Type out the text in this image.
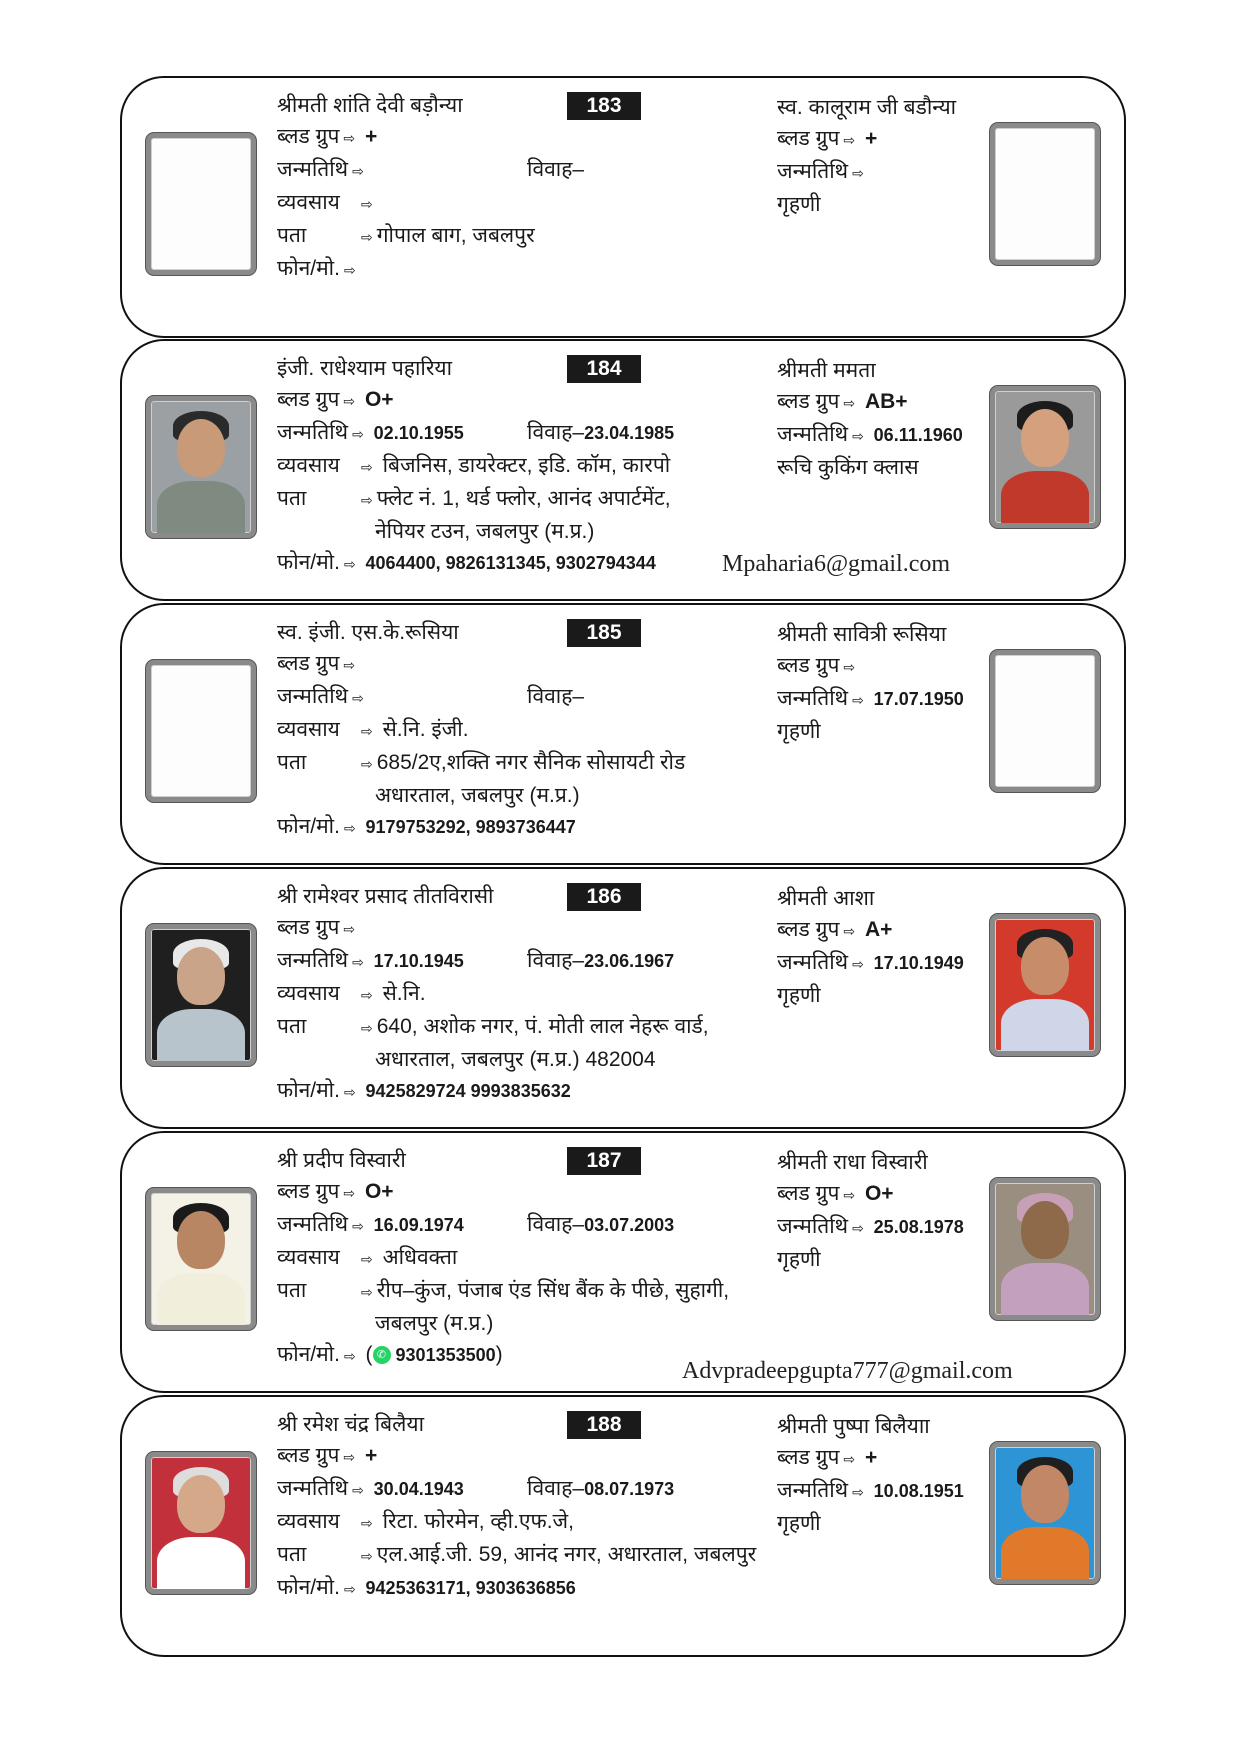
183
श्रीमती शांति देवी बड़ौन्या
ब्लड ग्रुप ⇨ +
जन्मतिथि ⇨	विवाह–
व्यवसाय ⇨
पता	⇨ गोपाल बाग, जबलपुर
फोन/मो. ⇨
स्व. कालूराम जी बडौन्या
ब्लड ग्रुप ⇨ +
जन्मतिथि ⇨
गृहणी
184
इंजी. राधेश्याम पहारिया
ब्लड ग्रुप ⇨ O+
जन्मतिथि ⇨ 02.10.1955	विवाह–23.04.1985
व्यवसाय ⇨ बिजनिस, डायरेक्टर, इडि. कॉम, कारपो
पता	⇨ फ्लेट नं. 1, थर्ड फ्लोर, आनंद अपार्टमेंट,
नेपियर टउन, जबलपुर (म.प्र.)
फोन/मो. ⇨ 4064400, 9826131345, 9302794344
श्रीमती ममता
ब्लड ग्रुप ⇨ AB+
जन्मतिथि ⇨ 06.11.1960
रूचि कुकिंग क्लास
Mpaharia6@gmail.com
185
स्व. इंजी. एस.के.रूसिया
ब्लड ग्रुप ⇨
जन्मतिथि ⇨	विवाह–
व्यवसाय ⇨ से.नि. इंजी.
पता	⇨ 685/2ए,शक्ति नगर सैनिक सोसायटी रोड
अधारताल, जबलपुर (म.प्र.)
फोन/मो. ⇨ 9179753292, 9893736447
श्रीमती सावित्री रूसिया
ब्लड ग्रुप ⇨
जन्मतिथि ⇨ 17.07.1950
गृहणी
186
श्री रामेश्वर प्रसाद तीतविरासी
ब्लड ग्रुप ⇨
जन्मतिथि ⇨ 17.10.1945	विवाह–23.06.1967
व्यवसाय ⇨ से.नि.
पता	⇨ 640, अशोक नगर, पं. मोती लाल नेहरू वार्ड,
अधारताल, जबलपुर (म.प्र.) 482004
फोन/मो. ⇨ 9425829724 9993835632
श्रीमती आशा
ब्लड ग्रुप ⇨ A+
जन्मतिथि ⇨ 17.10.1949
गृहणी
187
श्री प्रदीप विस्वारी
ब्लड ग्रुप ⇨ O+
जन्मतिथि ⇨ 16.09.1974	विवाह–03.07.2003
व्यवसाय ⇨ अधिवक्ता
पता	⇨ रीप–कुंज, पंजाब एंड सिंध बैंक के पीछे, सुहागी,
जबलपुर (म.प्र.)
फोन/मो. ⇨ ( ✆ 9301353500)
श्रीमती राधा विस्वारी
ब्लड ग्रुप ⇨ O+
जन्मतिथि ⇨ 25.08.1978
गृहणी
Advpradeepgupta777@gmail.com
188
श्री रमेश चंद्र बिलैया
ब्लड ग्रुप ⇨ +
जन्मतिथि ⇨ 30.04.1943	विवाह–08.07.1973
व्यवसाय ⇨ रिटा. फोरमेन, व्ही.एफ.जे,
पता	⇨ एल.आई.जी. 59, आनंद नगर, अधारताल, जबलपुर
फोन/मो. ⇨ 9425363171, 9303636856
श्रीमती पुष्पा बिलैयाा
ब्लड ग्रुप ⇨ +
जन्मतिथि ⇨ 10.08.1951
गृहणी
